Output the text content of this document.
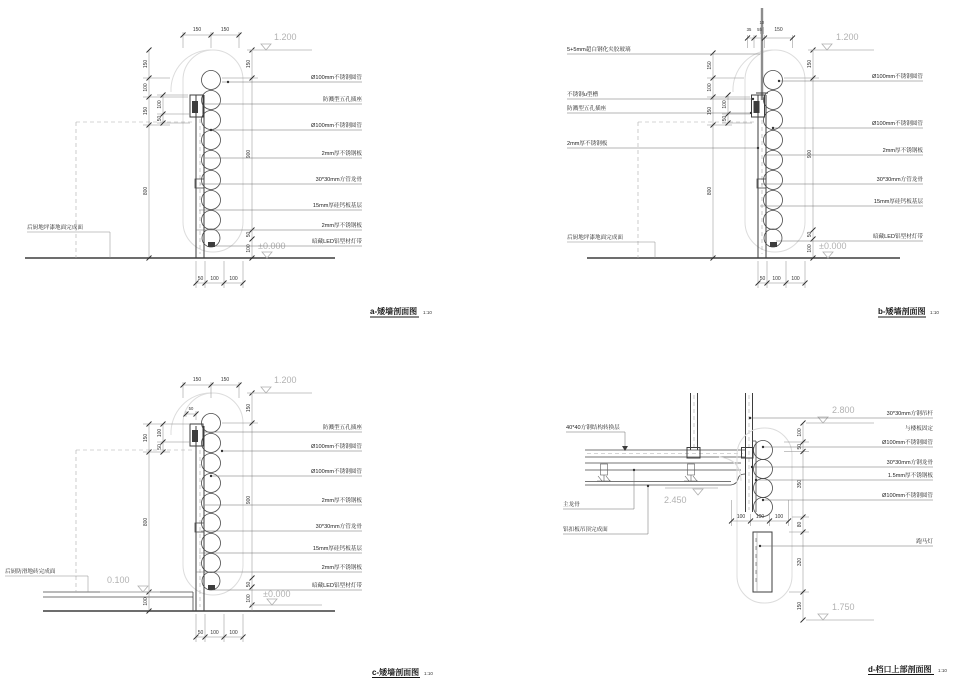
150	150
150
100
150
800
100
50
150
900
50
100
50 100 100
1.200
±0.000
Ø100mm不锈钢圆管
防溅型五孔插座
Ø100mm不锈钢圆管
2mm厚不锈钢板
30*30mm方管龙骨
15mm厚硅钙板基层
2mm厚不锈钢板
暗藏LED铝型材灯带
后厨地坪漆地面完成面
a-矮墙剖面图 1:10
10
35 55 150
150
100
150
800
100
50
150
900
50
100
50 100 100
1.200
±0.000
Ø100mm不锈钢圆管
Ø100mm不锈钢圆管
2mm厚不锈钢板
30*30mm方管龙骨
15mm厚硅钙板基层
暗藏LED铝型材灯带
5+5mm超白钢化夹胶玻璃
不锈钢u型槽
防溅型五孔插座
2mm厚不锈钢板
后厨地坪漆地面完成面
b-矮墙剖面图 1:10
150	150
50
150
800
100
100
50
150
900
50
100
50 100 100
1.200
0.100
±0.000
防溅型五孔插座
Ø100mm不锈钢圆管
Ø100mm不锈钢圆管
2mm厚不锈钢板
30*30mm方管龙骨
15mm厚硅钙板基层
2mm厚不锈钢板
暗藏LED铝型材灯带
后厨防滑地砖完成面
c-矮墙剖面图 1:10
100
50
350
80
320
150
100 100 100
2.800
2.450
1.750
30*30mm方钢吊杆
与楼板固定
Ø100mm不锈钢圆管
30*30mm方钢龙骨
1.5mm厚不锈钢板
Ø100mm不锈钢圆管
跑马灯
40*40方钢结构转换层
主龙骨
铝扣板吊顶完成面
d-档口上部剖面图 1:10
